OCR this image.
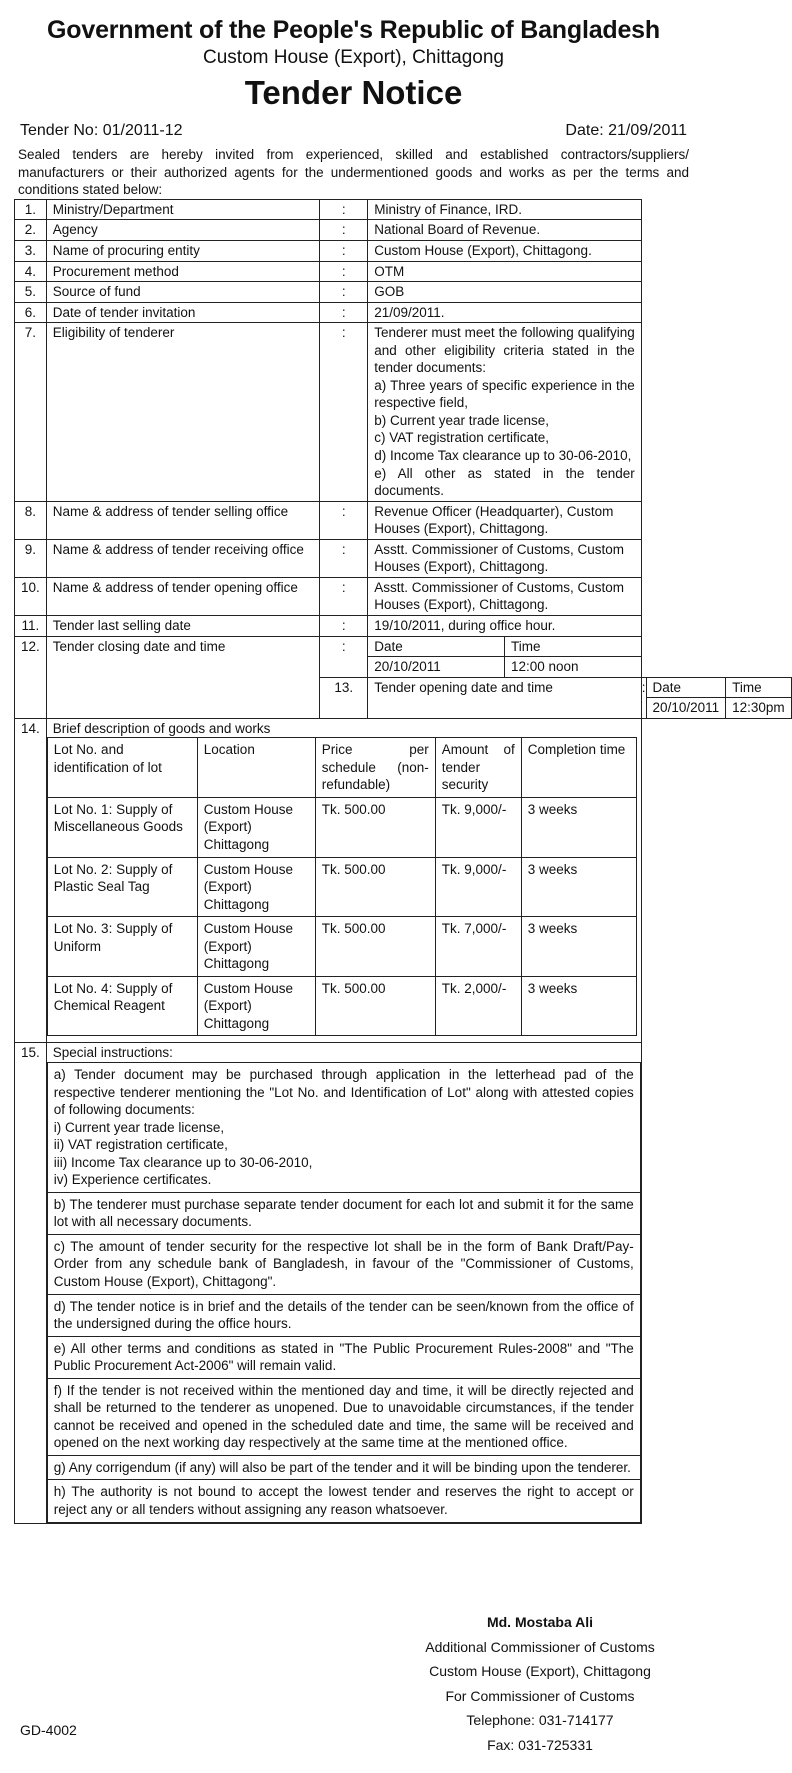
Government of the People's Republic of Bangladesh
Custom House (Export), Chittagong
Tender Notice
Tender No: 01/2011-12	Date: 21/09/2011
Sealed tenders are hereby invited from experienced, skilled and established contractors/suppliers/ manufacturers or their authorized agents for the undermentioned goods and works as per the terms and conditions stated below:
1.	Ministry/Department	:	Ministry of Finance, IRD.
2.	Agency	:	National Board of Revenue.
3.	Name of procuring entity	:	Custom House (Export), Chittagong.
4.	Procurement method	:	OTM
5.	Source of fund	:	GOB
6.	Date of tender invitation	:	21/09/2011.
7.	Eligibility of tenderer	:	Tenderer must meet the following qualifying and other eligibility criteria stated in the tender documents:
a) Three years of specific experience in the respective field,
b) Current year trade license,
c) VAT registration certificate,
d) Income Tax clearance up to 30-06-2010,
e) All other as stated in the tender documents.

8.	Name & address of tender selling office	:	Revenue Officer (Headquarter), Custom Houses (Export), Chittagong.
9.	Name & address of tender receiving office	:	Asstt. Commissioner of Customs, Custom Houses (Export), Chittagong.
10.	Name & address of tender opening office	:	Asstt. Commissioner of Customs, Custom Houses (Export), Chittagong.
11.	Tender last selling date	:	19/10/2011, during office hour.
12.	Tender closing date and time	:	Date	Time
20/10/2011	12:00 noon

13.	Tender opening date and time	:	Date	Time
20/10/2011	12:30pm

14.	Brief description of goods and works
Lot No. and identification of lot	Location	Price per schedule (non-refundable)	Amount of tender security	Completion time
Lot No. 1: Supply of Miscellaneous Goods	Custom House (Export) Chittagong	Tk. 500.00	Tk. 9,000/-	3 weeks
Lot No. 2: Supply of Plastic Seal Tag	Custom House (Export) Chittagong	Tk. 500.00	Tk. 9,000/-	3 weeks
Lot No. 3: Supply of Uniform	Custom House (Export) Chittagong	Tk. 500.00	Tk. 7,000/-	3 weeks
Lot No. 4: Supply of Chemical Reagent	Custom House (Export) Chittagong	Tk. 500.00	Tk. 2,000/-	3 weeks

15.	Special instructions:
a) Tender document may be purchased through application in the letterhead pad of the respective tenderer mentioning the "Lot No. and Identification of Lot" along with attested copies of following documents:
i) Current year trade license,
ii) VAT registration certificate,
iii) Income Tax clearance up to 30-06-2010,
iv) Experience certificates.

b) The tenderer must purchase separate tender document for each lot and submit it for the same lot with all necessary documents.
c) The amount of tender security for the respective lot shall be in the form of Bank Draft/Pay-Order from any schedule bank of Bangladesh, in favour of the "Commissioner of Customs, Custom House (Export), Chittagong".
d) The tender notice is in brief and the details of the tender can be seen/known from the office of the undersigned during the office hours.
e) All other terms and conditions as stated in "The Public Procurement Rules-2008" and "The Public Procurement Act-2006" will remain valid.
f) If the tender is not received within the mentioned day and time, it will be directly rejected and shall be returned to the tenderer as unopened. Due to unavoidable circumstances, if the tender cannot be received and opened in the scheduled date and time, the same will be received and opened on the next working day respectively at the same time at the mentioned office.
g) Any corrigendum (if any) will also be part of the tender and it will be binding upon the tenderer.
h) The authority is not bound to accept the lowest tender and reserves the right to accept or reject any or all tenders without assigning any reason whatsoever.
Md. Mostaba Ali
Additional Commissioner of Customs
Custom House (Export), Chittagong
For Commissioner of Customs
Telephone: 031-714177
Fax: 031-725331
GD-4002
